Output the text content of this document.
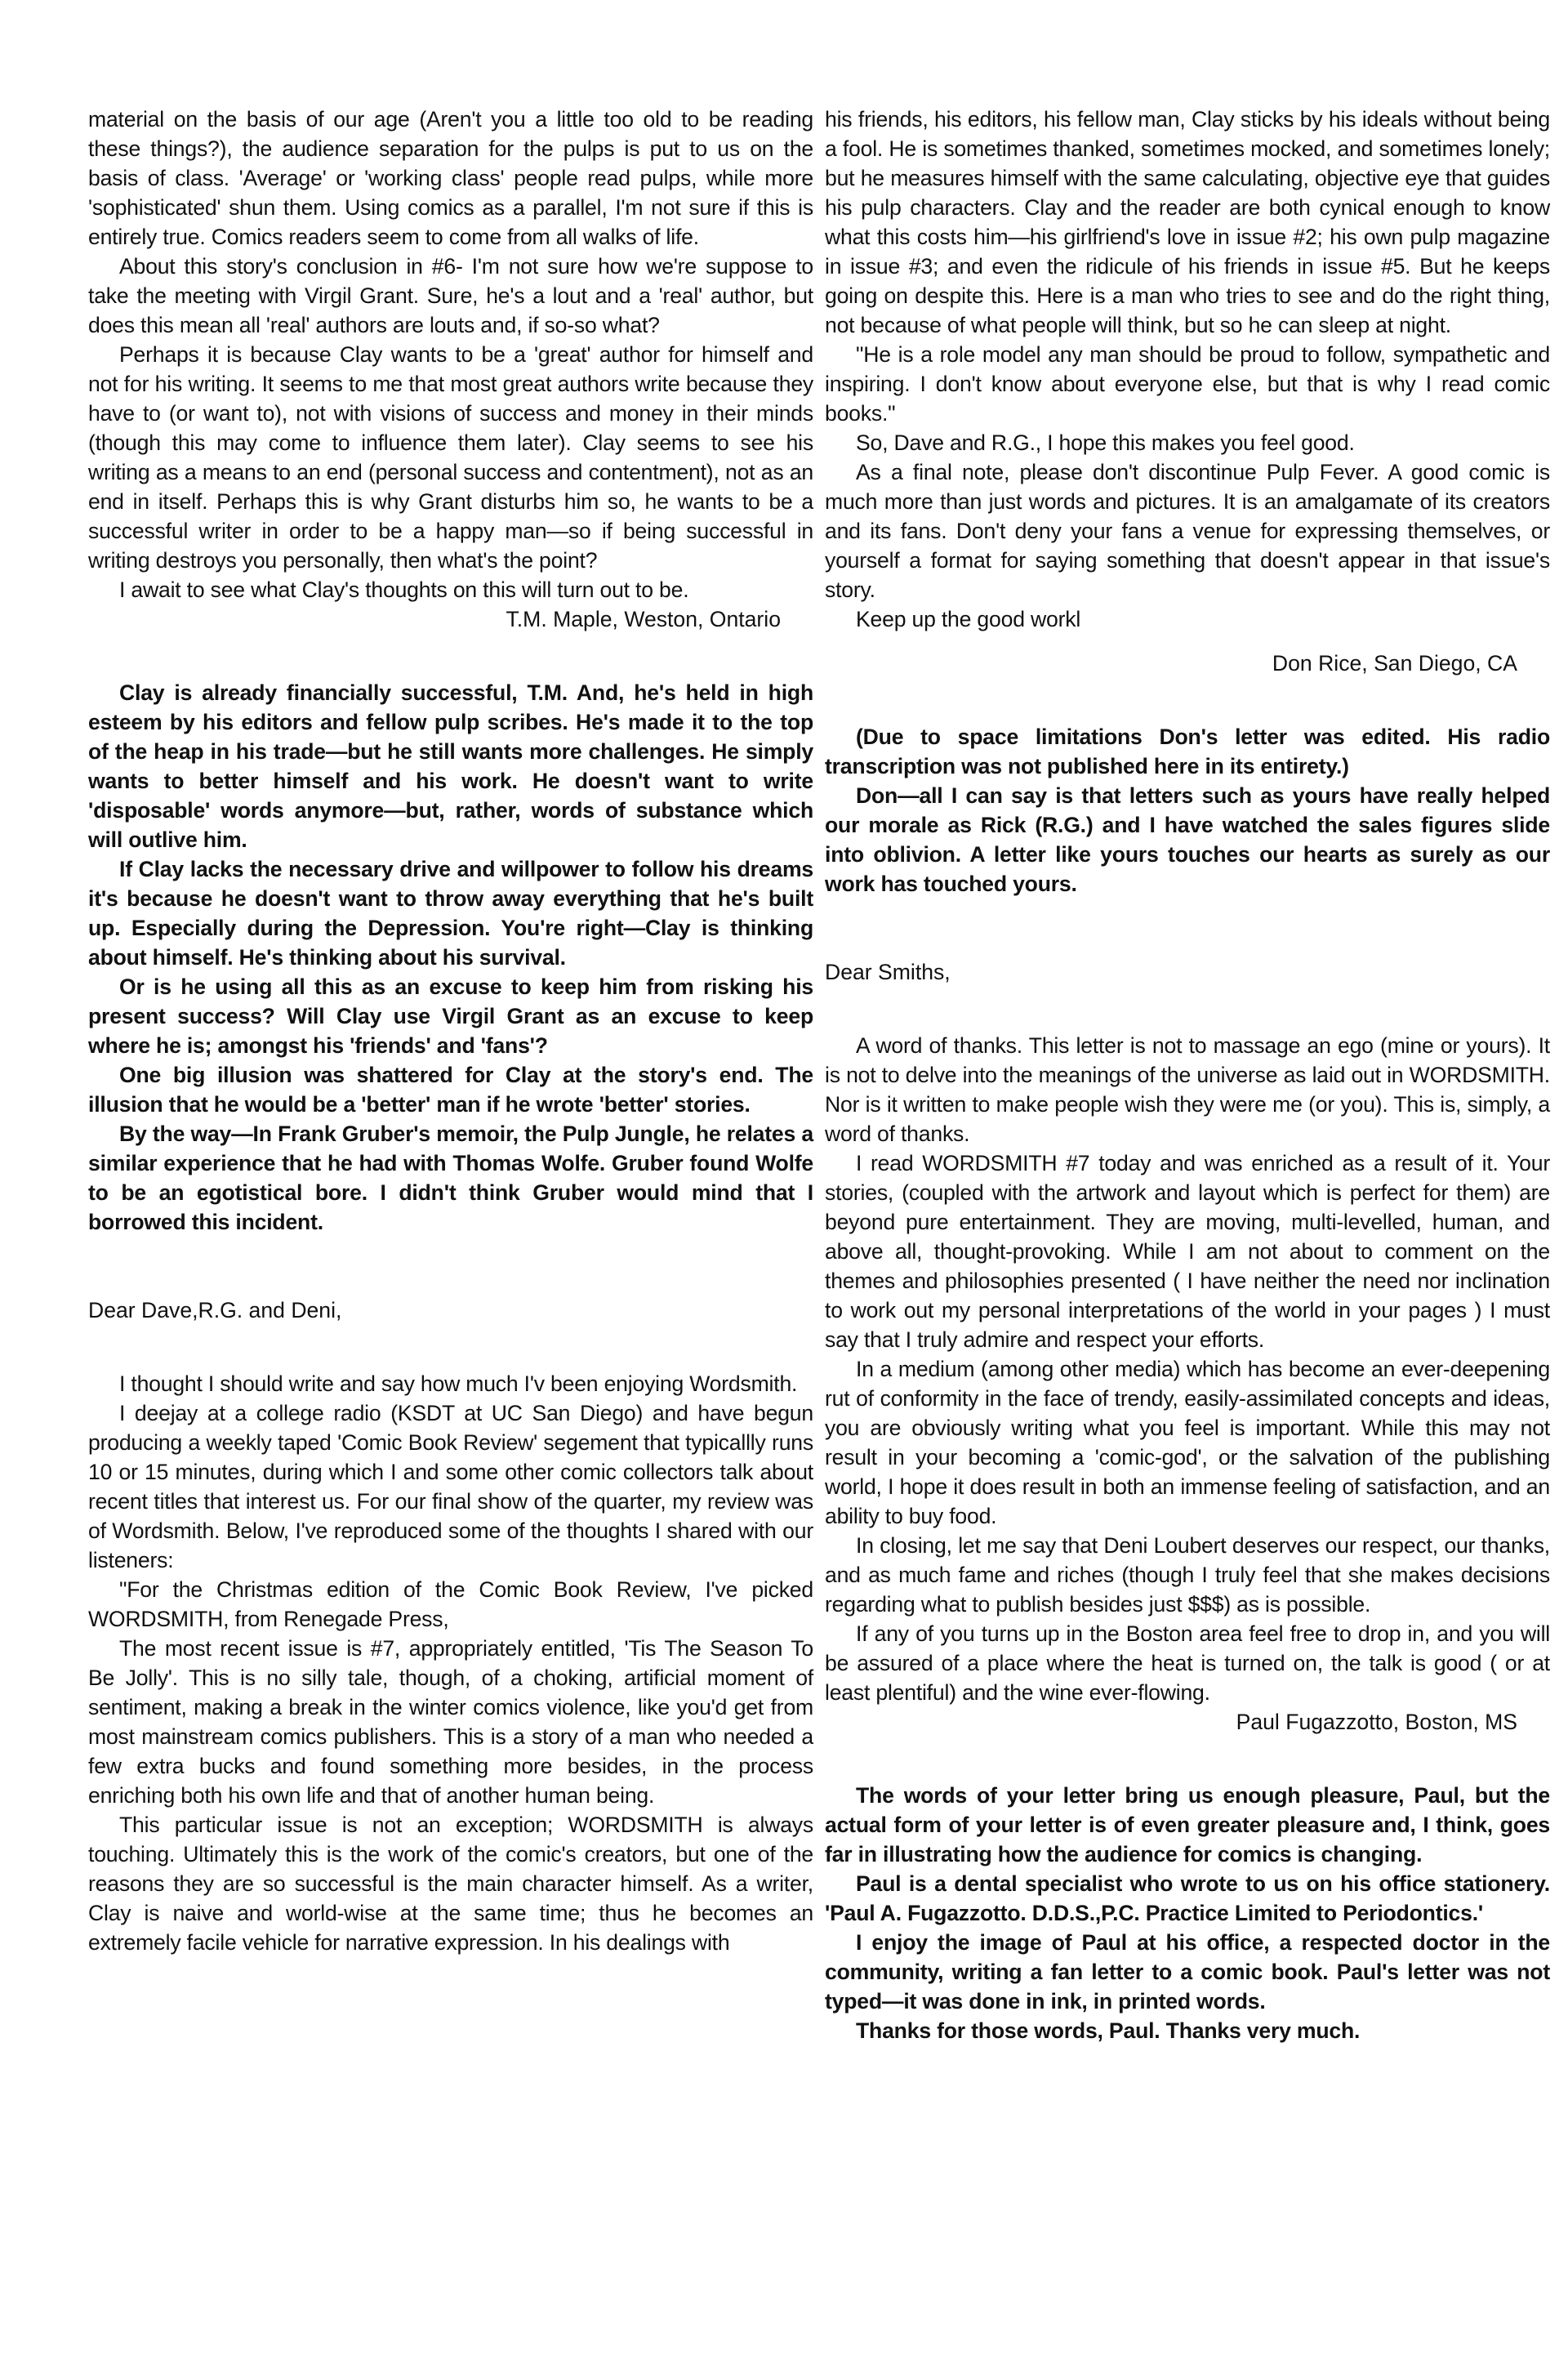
material on the basis of our age (Aren't you a little too old to be reading these things?), the audience separation for the pulps is put to us on the basis of class. 'Average' or 'working class' people read pulps, while more 'sophisticated' shun them. Using comics as a parallel, I'm not sure if this is entirely true. Comics readers seem to come from all walks of life.

About this story's conclusion in #6- I'm not sure how we're suppose to take the meeting with Virgil Grant. Sure, he's a lout and a 'real' author, but does this mean all 'real' authors are louts and, if so-so what?

Perhaps it is because Clay wants to be a 'great' author for himself and not for his writing. It seems to me that most great authors write because they have to (or want to), not with visions of success and money in their minds (though this may come to influence them later). Clay seems to see his writing as a means to an end (personal success and contentment), not as an end in itself. Perhaps this is why Grant disturbs him so, he wants to be a successful writer in order to be a happy man—so if being successful in writing destroys you personally, then what's the point?

I await to see what Clay's thoughts on this will turn out to be.

T.M. Maple, Weston, Ontario

Clay is already financially successful, T.M. And, he's held in high esteem by his editors and fellow pulp scribes. He's made it to the top of the heap in his trade—but he still wants more challenges. He simply wants to better himself and his work. He doesn't want to write 'disposable' words anymore—but, rather, words of substance which will outlive him.

If Clay lacks the necessary drive and willpower to follow his dreams it's because he doesn't want to throw away everything that he's built up. Especially during the Depression. You're right—Clay is thinking about himself. He's thinking about his survival.

Or is he using all this as an excuse to keep him from risking his present success? Will Clay use Virgil Grant as an excuse to keep where he is; amongst his 'friends' and 'fans'?

One big illusion was shattered for Clay at the story's end. The illusion that he would be a 'better' man if he wrote 'better' stories.

By the way—In Frank Gruber's memoir, the Pulp Jungle, he relates a similar experience that he had with Thomas Wolfe. Gruber found Wolfe to be an egotistical bore. I didn't think Gruber would mind that I borrowed this incident.

Dear Dave,R.G. and Deni,

I thought I should write and say how much I'v been enjoying Wordsmith.

I deejay at a college radio (KSDT at UC San Diego) and have begun producing a weekly taped 'Comic Book Review' segement that typicallly runs 10 or 15 minutes, during which I and some other comic collectors talk about recent titles that interest us. For our final show of the quarter, my review was of Wordsmith. Below, I've reproduced some of the thoughts I shared with our listeners:

"For the Christmas edition of the Comic Book Review, I've picked WORDSMITH, from Renegade Press,

The most recent issue is #7, appropriately entitled, 'Tis The Season To Be Jolly'. This is no silly tale, though, of a choking, artificial moment of sentiment, making a break in the winter comics violence, like you'd get from most mainstream comics publishers. This is a story of a man who needed a few extra bucks and found something more besides, in the process enriching both his own life and that of another human being.

This particular issue is not an exception; WORDSMITH is always touching. Ultimately this is the work of the comic's creators, but one of the reasons they are so successful is the main character himself. As a writer, Clay is naive and world-wise at the same time; thus he becomes an extremely facile vehicle for narrative expression. In his dealings with

his friends, his editors, his fellow man, Clay sticks by his ideals without being a fool. He is sometimes thanked, sometimes mocked, and sometimes lonely; but he measures himself with the same calculating, objective eye that guides his pulp characters. Clay and the reader are both cynical enough to know what this costs him—his girlfriend's love in issue #2; his own pulp magazine in issue #3; and even the ridicule of his friends in issue #5. But he keeps going on despite this. Here is a man who tries to see and do the right thing, not because of what people will think, but so he can sleep at night.

"He is a role model any man should be proud to follow, sympathetic and inspiring. I don't know about everyone else, but that is why I read comic books."

So, Dave and R.G., I hope this makes you feel good.

As a final note, please don't discontinue Pulp Fever. A good comic is much more than just words and pictures. It is an amalgamate of its creators and its fans. Don't deny your fans a venue for expressing themselves, or yourself a format for saying something that doesn't appear in that issue's story.

Keep up the good workl

Don Rice, San Diego, CA

(Due to space limitations Don's letter was edited. His radio transcription was not published here in its entirety.)

Don—all I can say is that letters such as yours have really helped our morale as Rick (R.G.) and I have watched the sales figures slide into oblivion. A letter like yours touches our hearts as surely as our work has touched yours.

Dear Smiths,

A word of thanks. This letter is not to massage an ego (mine or yours). It is not to delve into the meanings of the universe as laid out in WORDSMITH. Nor is it written to make people wish they were me (or you). This is, simply, a word of thanks.

I read WORDSMITH #7 today and was enriched as a result of it. Your stories, (coupled with the artwork and layout which is perfect for them) are beyond pure entertainment. They are moving, multi-levelled, human, and above all, thought-provoking. While I am not about to comment on the themes and philosophies presented ( I have neither the need nor inclination to work out my personal interpretations of the world in your pages ) I must say that I truly admire and respect your efforts.

In a medium (among other media) which has become an ever-deepening rut of conformity in the face of trendy, easily-assimilated concepts and ideas, you are obviously writing what you feel is important. While this may not result in your becoming a 'comic-god', or the salvation of the publishing world, I hope it does result in both an immense feeling of satisfaction, and an ability to buy food.

In closing, let me say that Deni Loubert deserves our respect, our thanks, and as much fame and riches (though I truly feel that she makes decisions regarding what to publish besides just $$$) as is possible.

If any of you turns up in the Boston area feel free to drop in, and you will be assured of a place where the heat is turned on, the talk is good ( or at least plentiful) and the wine ever-flowing.

Paul Fugazzotto, Boston, MS

The words of your letter bring us enough pleasure, Paul, but the actual form of your letter is of even greater pleasure and, I think, goes far in illustrating how the audience for comics is changing.

Paul is a dental specialist who wrote to us on his office stationery. 'Paul A. Fugazzotto. D.D.S.,P.C. Practice Limited to Periodontics.'

I enjoy the image of Paul at his office, a respected doctor in the community, writing a fan letter to a comic book. Paul's letter was not typed—it was done in ink, in printed words.

Thanks for those words, Paul. Thanks very much.
